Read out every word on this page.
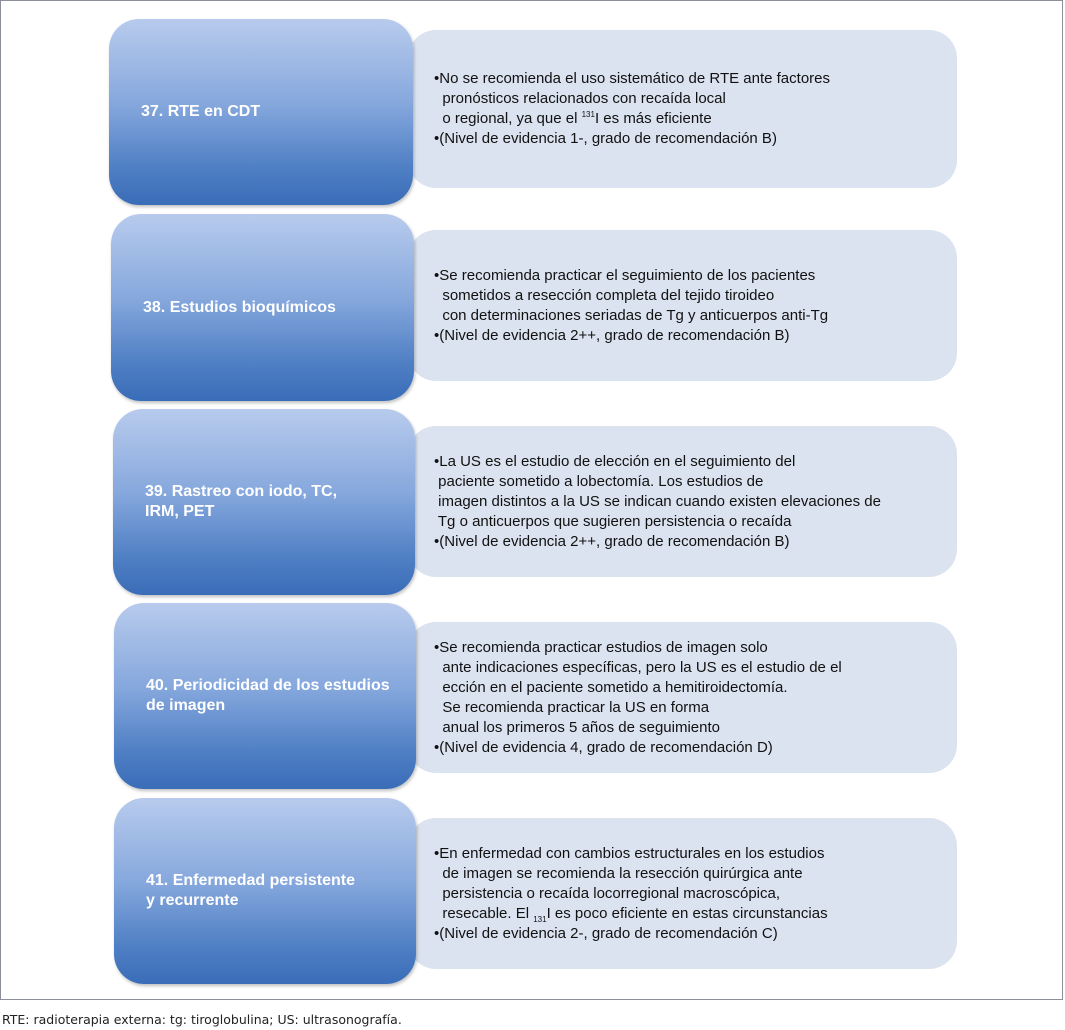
•No se recomienda el uso sistemático de RTE ante factores
pronósticos relacionados con recaída local
o regional, ya que el $^{131}$I es más eficiente
•(Nivel de evidencia 1-, grado de recomendación B)
37. RTE en CDT
•Se recomienda practicar el seguimiento de los pacientes
sometidos a resección completa del tejido tiroideo
con determinaciones seriadas de Tg y anticuerpos anti-Tg
•(Nivel de evidencia 2++, grado de recomendación B)
38. Estudios bioquímicos
•La US es el estudio de elección en el seguimiento del
paciente sometido a lobectomía. Los estudios de
imagen distintos a la US se indican cuando existen elevaciones de
Tg o anticuerpos que sugieren persistencia o recaída
•(Nivel de evidencia 2++, grado de recomendación B)
39. Rastreo con iodo, TC,
IRM, PET
•Se recomienda practicar estudios de imagen solo
ante indicaciones específicas, pero la US es el estudio de el
ección en el paciente sometido a hemitiroidectomía.
Se recomienda practicar la US en forma
anual los primeros 5 años de seguimiento
•(Nivel de evidencia 4, grado de recomendación D)
40. Periodicidad de los estudios
de imagen
•En enfermedad con cambios estructurales en los estudios
de imagen se recomienda la resección quirúrgica ante
persistencia o recaída locorregional macroscópica,
resecable. El $_{131}$I es poco eficiente en estas circunstancias
•(Nivel de evidencia 2-, grado de recomendación C)
41. Enfermedad persistente
y recurrente
RTE: radioterapia externa: tg: tiroglobulina; US: ultrasonografía.
